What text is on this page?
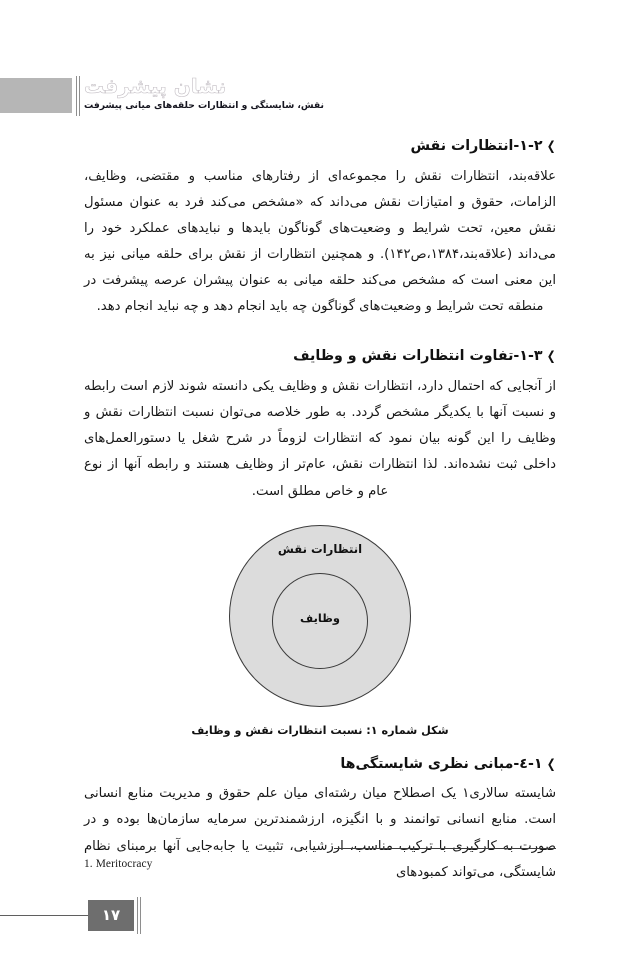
نشان پیشرفت
نقش، شایستگی و انتظارات حلقه‌های میانی پیشرفت
❯۱-۲-انتظارات نقش

علاقه‌بند، انتظارات نقش را مجموعه‌ای از رفتارهای مناسب و مقتضی، وظایف، الزامات، حقوق و امتیازات نقش می‌داند که «مشخص می‌کند فرد به عنوان مسئول نقش معین، تحت شرایط و وضعیت‌های گوناگون بایدها و نبایدهای عملکرد خود را می‌داند (علاقه‌بند،۱۳۸۴،ص۱۴۲). و همچنین انتظارات از نقش برای حلقه میانی نیز به این معنی است که مشخص می‌کند حلقه میانی به عنوان پیشران عرصه پیشرفت در منطقه تحت شرایط و وضعیت‌های گوناگون چه باید انجام دهد و چه نباید انجام دهد.

❯۱-۳-تفاوت انتظارات نقش و وظایف

از آنجایی که احتمال دارد، انتظارات نقش و وظایف یکی دانسته شوند لازم است رابطه و نسبت آنها با یکدیگر مشخص گردد. به طور خلاصه می‌توان نسبت انتظارات نقش و وظایف را این گونه بیان نمود که انتظارات لزوماً در شرح شغل یا دستورالعمل‌های داخلی ثبت نشده‌اند. لذا انتظارات نقش، عام‌تر از وظایف هستند و رابطه آنها از نوع عام و خاص مطلق است.

انتظارات نقش
وظایف
شکل شماره ۱: نسبت انتظارات نقش و وظایف
❯۱-٤-مبانی نظری شایستگی‌ها

شایسته سالاری۱ یک اصطلاح میان رشته‌ای میان علم حقوق و مدیریت منابع انسانی است. منابع انسانی توانمند و با انگیزه، ارزشمندترین سرمایه سازمان‌ها بوده و در صورت به کارگیری با ترکیب مناسب، ارزشیابی، تثبیت یا جابه‌جایی آنها برمبنای نظام شایستگی، می‌تواند کمبودهای

1. Meritocracy
۱۷
